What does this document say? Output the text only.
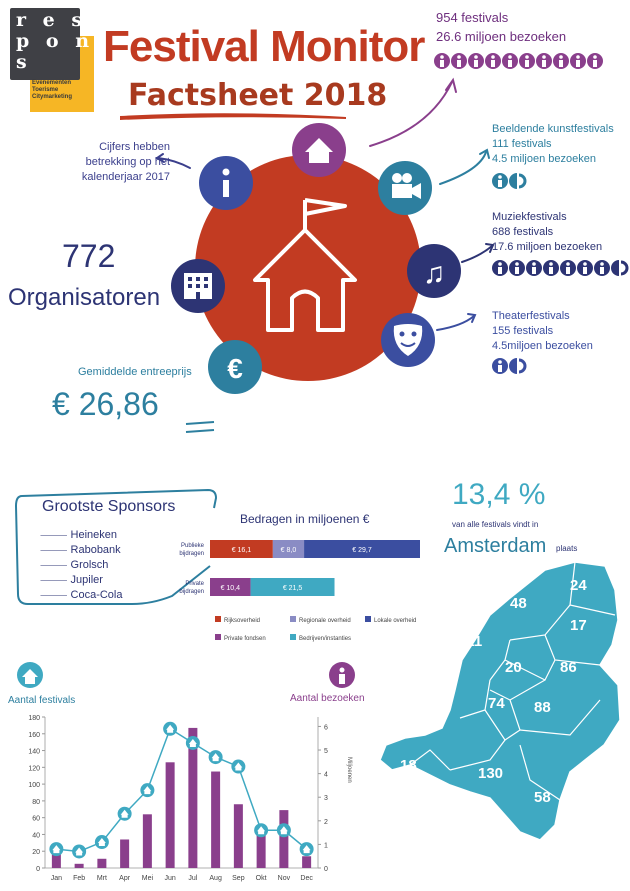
r e s
p o n
s
Evenementen
Toerisme
Citymarketing
Festival Monitor
Factsheet 2018
954 festivals
26.6 miljoen bezoeken
Cijfers hebben betrekking op het kalenderjaar 2017
♫
€
Beeldende kunstfestivals
111 festivals
4.5 miljoen bezoeken
Muziekfestivals
688 festivals
17.6 miljoen bezoeken
Theaterfestivals
155 festivals
4.5miljoen bezoeken
772
Organisatoren
Gemiddelde entreeprijs
€ 26,86
Grootste Sponsors
⸻ Heineken
⸻ Rabobank
⸻ Grolsch
⸻ Jupiler
⸻ Coca-Cola
Bedragen in miljoenen €
Publieke
bijdragen	€ 16,1	€ 8,0	€ 29,7
Private
bijdragen € 10,4	€ 21,5
Rijksoverheid	Regionale overheid	Lokale overheid
Private fondsen	Bedrijven/instanties
13,4 %
van alle festivals vindt in
Amsterdam plaats
24
48
17
211
86
20
74 88
176
18	130
58
Aantal festivals	Aantal bezoeken
Miljoenen
0
20
40
60
80
100
120
140
160
180
0
1
2
3
4
5
6
Jan Feb Mrt Apr Mei Jun Jul Aug Sep Okt Nov Dec
